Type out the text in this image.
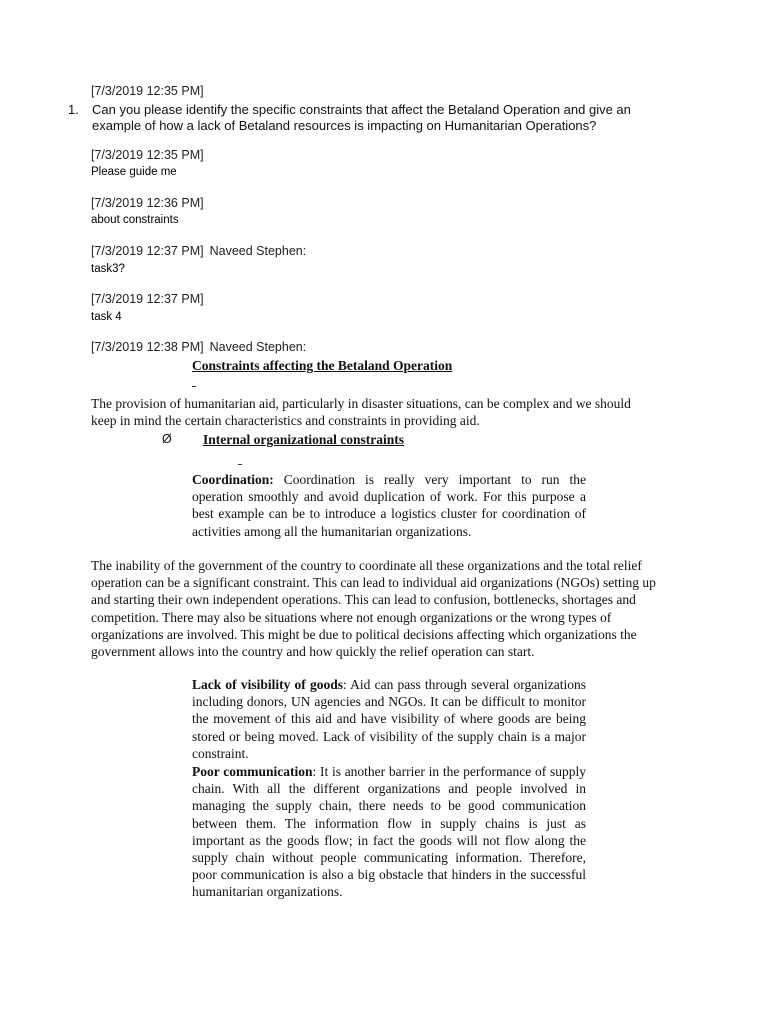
[7/3/2019 12:35 PM]
1. Can you please identify the specific constraints that affect the Betaland Operation and give an example of how a lack of Betaland resources is impacting on Humanitarian Operations?
[7/3/2019 12:35 PM]
Please guide me
[7/3/2019 12:36 PM]
about constraints
[7/3/2019 12:37 PM] Naveed Stephen:
task3?
[7/3/2019 12:37 PM]
task 4
[7/3/2019 12:38 PM] Naveed Stephen:
Constraints affecting the Betaland Operation
The provision of humanitarian aid, particularly in disaster situations, can be complex and we should keep in mind the certain characteristics and constraints in providing aid.
Ø Internal organizational constraints
Coordination: Coordination is really very important to run the operation smoothly and avoid duplication of work. For this purpose a best example can be to introduce a logistics cluster for coordination of activities among all the humanitarian organizations.
The inability of the government of the country to coordinate all these organizations and the total relief operation can be a significant constraint. This can lead to individual aid organizations (NGOs) setting up and starting their own independent operations. This can lead to confusion, bottlenecks, shortages and competition. There may also be situations where not enough organizations or the wrong types of organizations are involved. This might be due to political decisions affecting which organizations the government allows into the country and how quickly the relief operation can start.
Lack of visibility of goods: Aid can pass through several organizations including donors, UN agencies and NGOs. It can be difficult to monitor the movement of this aid and have visibility of where goods are being stored or being moved. Lack of visibility of the supply chain is a major constraint.
Poor communication: It is another barrier in the performance of supply chain. With all the different organizations and people involved in managing the supply chain, there needs to be good communication between them. The information flow in supply chains is just as important as the goods flow; in fact the goods will not flow along the supply chain without people communicating information. Therefore, poor communication is also a big obstacle that hinders in the successful humanitarian organizations.
